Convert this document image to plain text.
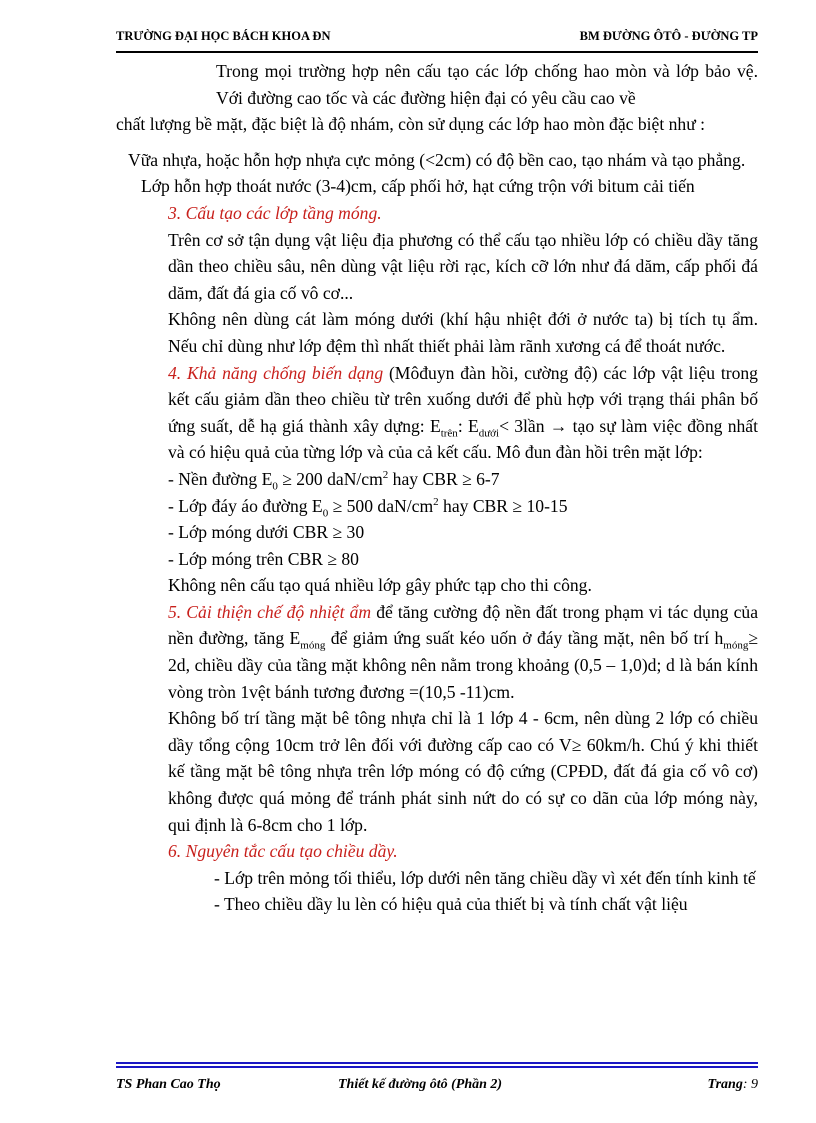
TRƯỜNG ĐẠI HỌC BÁCH KHOA ĐN	BM ĐƯỜNG ÔTÔ - ĐƯỜNG TP

Trong mọi trường hợp nên cấu tạo các lớp chống hao mòn và lớp bảo vệ. Với đường cao tốc và các đường hiện đại có yêu cầu cao về

chất lượng bề mặt, đặc biệt là độ nhám, còn sử dụng các lớp hao mòn đặc biệt như :

Vữa nhựa, hoặc hỗn hợp nhựa cực mỏng (<2cm) có độ bền cao, tạo nhám và tạo phẳng.

Lớp hỗn hợp thoát nước (3-4)cm, cấp phối hở, hạt cứng trộn với bitum cải tiến

3. Cấu tạo các lớp tầng móng.

Trên cơ sở tận dụng vật liệu địa phương có thể cấu tạo nhiều lớp có chiều dầy tăng dần theo chiều sâu, nên dùng vật liệu rời rạc, kích cỡ lớn như đá dăm, cấp phối đá dăm, đất đá gia cố vô cơ...

Không nên dùng cát làm móng dưới (khí hậu nhiệt đới ở nước ta) bị tích tụ ẩm. Nếu chỉ dùng như lớp đệm thì nhất thiết phải làm rãnh xương cá để thoát nước.

4. Khả năng chống biến dạng (Môđuyn đàn hồi, cường độ) các lớp vật liệu trong kết cấu giảm dần theo chiều từ trên xuống dưới để phù hợp với trạng thái phân bố ứng suất, dễ hạ giá thành xây dựng: $E_{trên}$: $E_{dưới}<$ 3lần → tạo sự làm việc đồng nhất và có hiệu quả của từng lớp và của cả kết cấu. Mô đun đàn hồi trên mặt lớp:

- Nền đường $E_0 \ge 200$ daN/$cm^2$ hay CBR ≥ 6-7

- Lớp đáy áo đường $E_0 \ge 500$ daN/$cm^2$ hay CBR ≥ 10-15

- Lớp móng dưới CBR ≥ 30

- Lớp móng trên CBR ≥ 80

Không nên cấu tạo quá nhiều lớp gây phức tạp cho thi công.

5. Cải thiện chế độ nhiệt ẩm để tăng cường độ nền đất trong phạm vi tác dụng của nền đường, tăng $E_{móng}$ để giảm ứng suất kéo uốn ở đáy tầng mặt, nên bố trí $h_{móng}\ge 2d$, chiều dầy của tầng mặt không nên nằm trong khoảng (0,5 – 1,0)d; d là bán kính vòng tròn 1vệt bánh tương đương =(10,5 -11)cm.

Không bố trí tầng mặt bê tông nhựa chỉ là 1 lớp 4 - 6cm, nên dùng 2 lớp có chiều dầy tổng cộng 10cm trở lên đối với đường cấp cao có V≥ 60km/h. Chú ý khi thiết kế tầng mặt bê tông nhựa trên lớp móng có độ cứng (CPĐD, đất đá gia cố vô cơ) không được quá mỏng để tránh phát sinh nứt do có sự co dãn của lớp móng này, qui định là 6-8cm cho 1 lớp.

6. Nguyên tắc cấu tạo chiều dầy.

- Lớp trên mỏng tối thiểu, lớp dưới nên tăng chiều dầy vì xét đến tính kinh tế

- Theo chiều dầy lu lèn có hiệu quả của thiết bị và tính chất vật liệu

TS Phan Cao Thọ	Thiết kế đường ôtô (Phần 2)	Trang: 9
